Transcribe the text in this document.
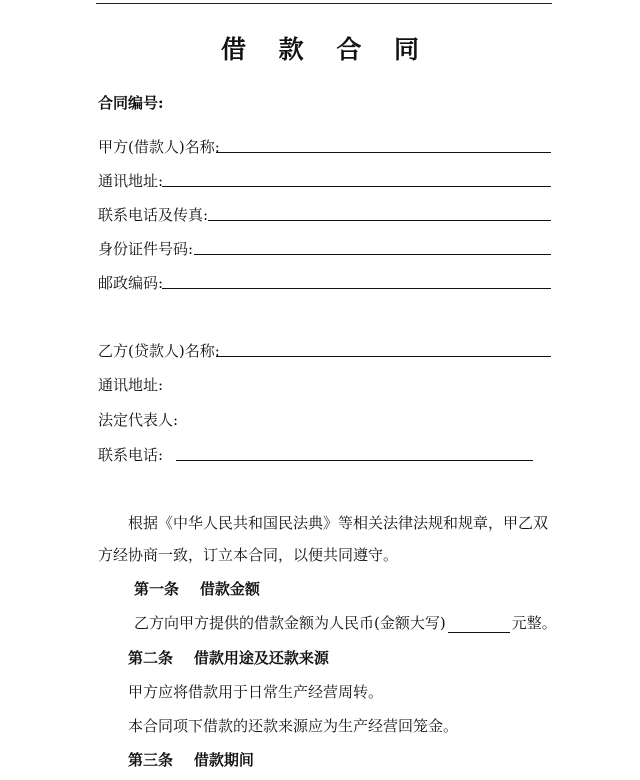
借 款 合 同
合同编号:
甲方(借款人)名称:
通讯地址:
联系电话及传真:
身份证件号码:
邮政编码:
乙方(贷款人)名称:
通讯地址:
法定代表人:
联系电话:
根据《中华人民共和国民法典》等相关法律法规和规章，甲乙双
方经协商一致，订立本合同，以便共同遵守。
第一条    借款金额
乙方向甲方提供的借款金额为人民币(金额大写)	元整。
第二条    借款用途及还款来源
甲方应将借款用于日常生产经营周转。
本合同项下借款的还款来源应为生产经营回笼金。
第三条    借款期间
